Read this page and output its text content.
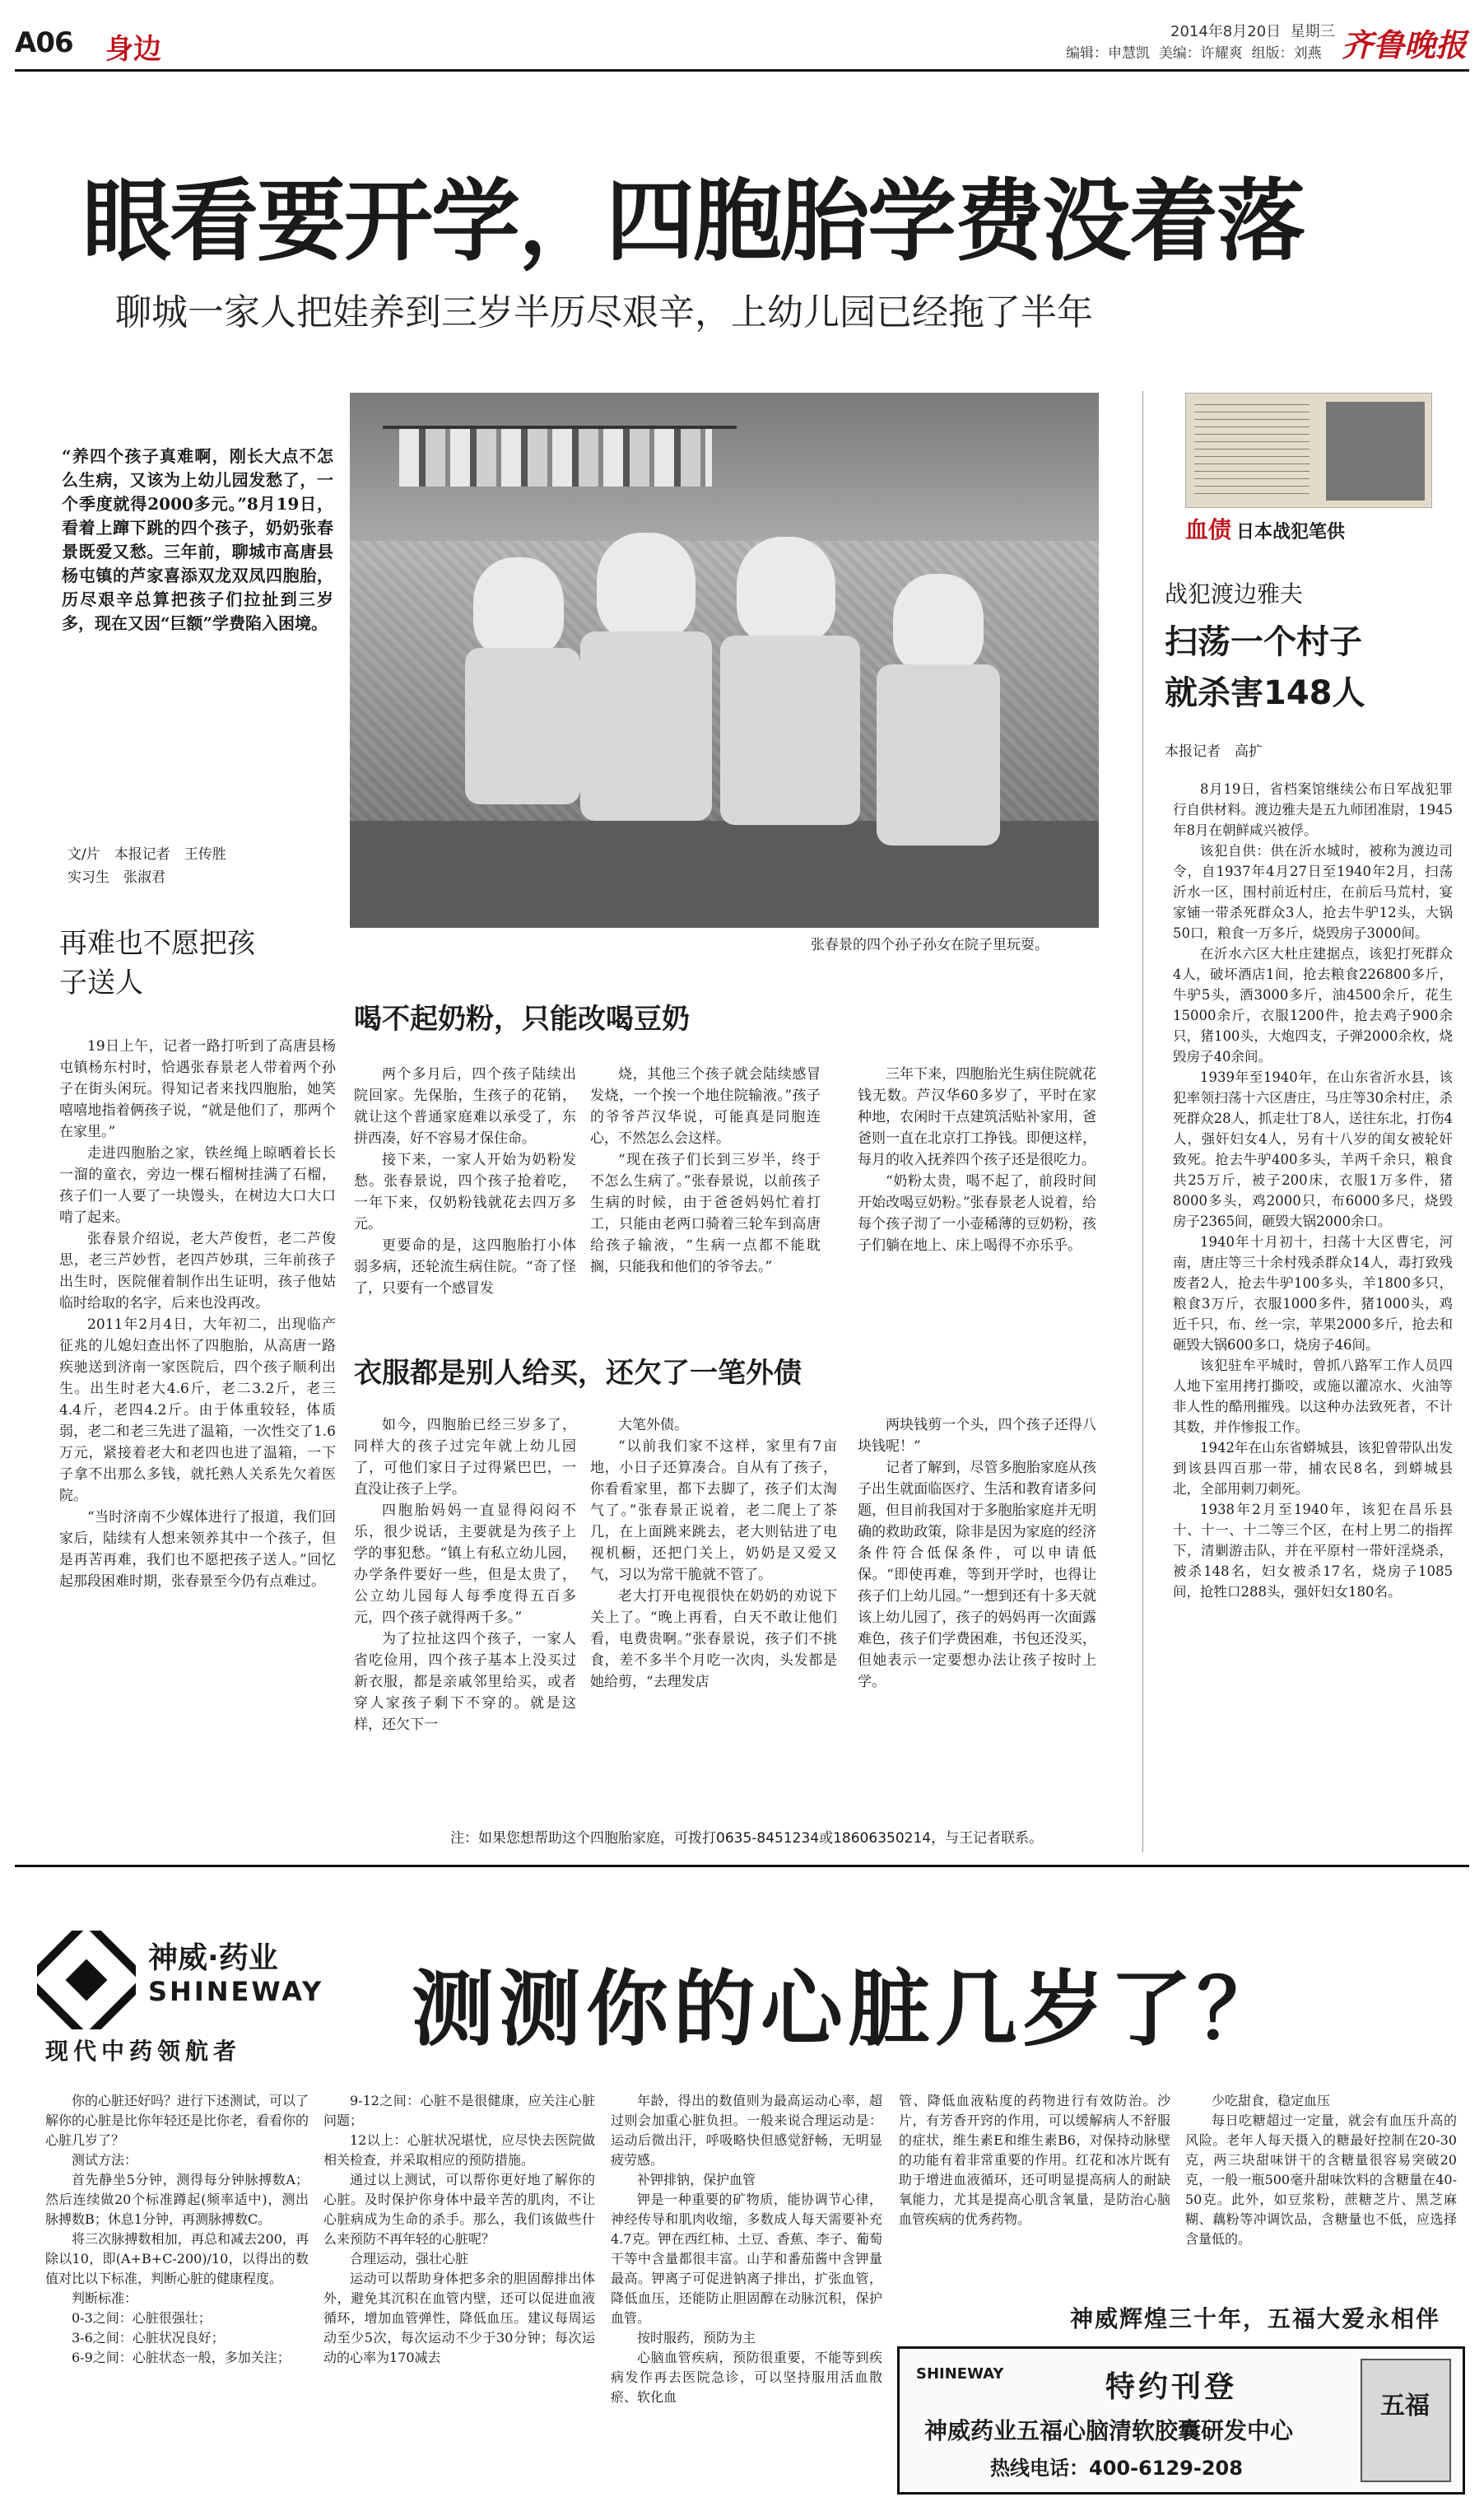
A06 身边
2014年8月20日 星期三
编辑：申慧凯 美编：许耀爽 组版：刘燕 齐鲁晚报
眼看要开学，四胞胎学费没着落
聊城一家人把娃养到三岁半历尽艰辛，上幼儿园已经拖了半年
“养四个孩子真难啊，刚长大点不怎么生病，又该为上幼儿园发愁了，一个季度就得2000多元。”8月19日，看着上蹿下跳的四个孩子，奶奶张春景既爱又愁。三年前，聊城市高唐县杨屯镇的芦家喜添双龙双凤四胞胎，历尽艰辛总算把孩子们拉扯到三岁多，现在又因“巨额”学费陷入困境。
文/片　本报记者　王传胜
实习生　张淑君
张春景的四个孙子孙女在院子里玩耍。
再难也不愿把孩子送人

19日上午，记者一路打听到了高唐县杨屯镇杨东村时，恰遇张春景老人带着两个孙子在街头闲玩。得知记者来找四胞胎，她笑嘻嘻地指着俩孩子说，“就是他们了，那两个在家里。”

走进四胞胎之家，铁丝绳上晾晒着长长一溜的童衣，旁边一棵石榴树挂满了石榴，孩子们一人要了一块馒头，在树边大口大口啃了起来。

张春景介绍说，老大芦俊哲，老二芦俊思，老三芦妙哲，老四芦妙琪，三年前孩子出生时，医院催着制作出生证明，孩子他姑临时给取的名字，后来也没再改。

2011年2月4日，大年初二，出现临产征兆的儿媳妇查出怀了四胞胎，从高唐一路疾驰送到济南一家医院后，四个孩子顺利出生。出生时老大4.6斤，老二3.2斤，老三4.4斤，老四4.2斤。由于体重较轻，体质弱，老二和老三先进了温箱，一次性交了1.6万元，紧接着老大和老四也进了温箱，一下子拿不出那么多钱，就托熟人关系先欠着医院。

“当时济南不少媒体进行了报道，我们回家后，陆续有人想来领养其中一个孩子，但是再苦再难，我们也不愿把孩子送人。”回忆起那段困难时期，张春景至今仍有点难过。

喝不起奶粉，只能改喝豆奶

两个多月后，四个孩子陆续出院回家。先保胎，生孩子的花销，就让这个普通家庭难以承受了，东拼西凑，好不容易才保住命。

接下来，一家人开始为奶粉发愁。张春景说，四个孩子抢着吃，一年下来，仅奶粉钱就花去四万多元。

更要命的是，这四胞胎打小体弱多病，还轮流生病住院。“奇了怪了，只要有一个感冒发

烧，其他三个孩子就会陆续感冒发烧，一个挨一个地住院输液。”孩子的爷爷芦汉华说，可能真是同胞连心，不然怎么会这样。

“现在孩子们长到三岁半，终于不怎么生病了。”张春景说，以前孩子生病的时候，由于爸爸妈妈忙着打工，只能由老两口骑着三轮车到高唐给孩子输液，“生病一点都不能耽搁，只能我和他们的爷爷去。”

三年下来，四胞胎光生病住院就花钱无数。芦汉华60多岁了，平时在家种地，农闲时干点建筑活贴补家用，爸爸则一直在北京打工挣钱。即便这样，每月的收入抚养四个孩子还是很吃力。

“奶粉太贵，喝不起了，前段时间开始改喝豆奶粉。”张春景老人说着，给每个孩子沏了一小壶稀薄的豆奶粉，孩子们躺在地上、床上喝得不亦乐乎。

衣服都是别人给买，还欠了一笔外债

如今，四胞胎已经三岁多了，同样大的孩子过完年就上幼儿园了，可他们家日子过得紧巴巴，一直没让孩子上学。

四胞胎妈妈一直显得闷闷不乐，很少说话，主要就是为孩子上学的事犯愁。“镇上有私立幼儿园，办学条件要好一些，但是太贵了，公立幼儿园每人每季度得五百多元，四个孩子就得两千多。”

为了拉扯这四个孩子，一家人省吃俭用，四个孩子基本上没买过新衣服，都是亲戚邻里给买，或者穿人家孩子剩下不穿的。就是这样，还欠下一

大笔外债。

“以前我们家不这样，家里有7亩地，小日子还算凑合。自从有了孩子，你看看家里，都下去脚了，孩子们太淘气了。”张春景正说着，老二爬上了茶几，在上面跳来跳去，老大则钻进了电视机橱，还把门关上，奶奶是又爱又气，习以为常干脆就不管了。

老大打开电视很快在奶奶的劝说下关上了。“晚上再看，白天不敢让他们看，电费贵啊。”张春景说，孩子们不挑食，差不多半个月吃一次肉，头发都是她给剪，“去理发店

两块钱剪一个头，四个孩子还得八块钱呢！”

记者了解到，尽管多胞胎家庭从孩子出生就面临医疗、生活和教育诸多问题，但目前我国对于多胞胎家庭并无明确的救助政策，除非是因为家庭的经济条件符合低保条件，可以申请低保。“即使再难，等到开学时，也得让孩子们上幼儿园。”一想到还有十多天就该上幼儿园了，孩子的妈妈再一次面露难色，孩子们学费困难，书包还没买，但她表示一定要想办法让孩子按时上学。

注：如果您想帮助这个四胞胎家庭，可拨打0635-8451234或18606350214，与王记者联系。
血债 日本战犯笔供
战犯渡边雅夫
扫荡一个村子
就杀害148人
本报记者　高扩

8月19日，省档案馆继续公布日军战犯罪行自供材料。渡边雅夫是五九师团准尉，1945年8月在朝鲜咸兴被俘。

该犯自供：供在沂水城时，被称为渡边司令，自1937年4月27日至1940年2月，扫荡沂水一区，围村前近村庄，在前后马荒村，宴家铺一带杀死群众3人，抢去牛驴12头，大锅50口，粮食一万多斤，烧毁房子3000间。

在沂水六区大杜庄建据点，该犯打死群众4人，破坏酒店1间，抢去粮食226800多斤，牛驴5头，酒3000多斤，油4500余斤，花生15000余斤，衣服1200件，抢去鸡子900余只，猪100头，大炮四支，子弹2000余枚，烧毁房子40余间。

1939年至1940年，在山东省沂水县，该犯率领扫荡十六区唐庄，马庄等30余村庄，杀死群众28人，抓走壮丁8人，送往东北，打伤4人，强奸妇女4人，另有十八岁的闺女被轮奸致死。抢去牛驴400多头，羊两千余只，粮食共25万斤，被子200床，衣服1万多件，猪8000多头，鸡2000只，布6000多尺，烧毁房子2365间，砸毁大锅2000余口。

1940年十月初十，扫荡十大区曹宅，河南，唐庄等三十余村残杀群众14人，毒打致残废者2人，抢去牛驴100多头，羊1800多只，粮食3万斤，衣服1000多件，猪1000头，鸡近千只，布、丝一宗，苹果2000多斤，抢去和砸毁大锅600多口，烧房子46间。

该犯驻牟平城时，曾抓八路军工作人员四人地下室用拷打撕咬，或施以灌凉水、火油等非人性的酷刑摧残。以这种办法致死者，不计其数，并作惨报工作。

1942年在山东省蟒城县，该犯曾带队出发到该县四百那一带，捕农民8名，到蟒城县北，全部用刺刀刺死。

1938年2月至1940年，该犯在昌乐县十、十一、十二等三个区，在村上男二的指挥下，清剿游击队，并在平原村一带奸淫烧杀，被杀148名，妇女被杀17名，烧房子1085间，抢牲口288头，强奸妇女180名。

神威·药业
SHINEWAY
现代中药领航者 测测你的心脏几岁了？

你的心脏还好吗？进行下述测试，可以了解你的心脏是比你年轻还是比你老，看看你的心脏几岁了？

测试方法：

首先静坐5分钟，测得每分钟脉搏数A；然后连续做20个标准蹲起(频率适中)，测出脉搏数B；休息1分钟，再测脉搏数C。

将三次脉搏数相加，再总和减去200，再除以10，即(A+B+C-200)/10，以得出的数值对比以下标准，判断心脏的健康程度。

判断标准：

0-3之间：心脏很强壮；

3-6之间：心脏状况良好；

6-9之间：心脏状态一般，多加关注；

9-12之间：心脏不是很健康，应关注心脏问题；

12以上：心脏状况堪忧，应尽快去医院做相关检查，并采取相应的预防措施。

通过以上测试，可以帮你更好地了解你的心脏。及时保护你身体中最辛苦的肌肉，不让心脏病成为生命的杀手。那么，我们该做些什么来预防不再年轻的心脏呢？

合理运动，强壮心脏

运动可以帮助身体把多余的胆固醇排出体外，避免其沉积在血管内壁，还可以促进血液循环，增加血管弹性，降低血压。建议每周运动至少5次，每次运动不少于30分钟；每次运动的心率为170减去

年龄，得出的数值则为最高运动心率，超过则会加重心脏负担。一般来说合理运动是：运动后微出汗，呼吸略快但感觉舒畅，无明显疲劳感。

补钾排钠，保护血管

钾是一种重要的矿物质，能协调节心律，神经传导和肌肉收缩，多数成人每天需要补充4.7克。钾在西红柿、土豆、香蕉、李子、葡萄干等中含量都很丰富。山芋和番茄酱中含钾量最高。钾离子可促进钠离子排出，扩张血管，降低血压，还能防止胆固醇在动脉沉积，保护血管。

按时服药，预防为主

心脑血管疾病，预防很重要，不能等到疾病发作再去医院急诊，可以坚持服用活血散瘀、软化血

管、降低血液粘度的药物进行有效防治。沙片，有芳香开窍的作用，可以缓解病人不舒服的症状，维生素E和维生素B6，对保持动脉壁的功能有着非常重要的作用。红花和冰片既有助于增进血液循环，还可明显提高病人的耐缺氧能力，尤其是提高心肌含氧量，是防治心脑血管疾病的优秀药物。

少吃甜食，稳定血压

每日吃糖超过一定量，就会有血压升高的风险。老年人每天摄入的糖最好控制在20-30克，两三块甜味饼干的含糖量很容易突破20克，一般一瓶500毫升甜味饮料的含糖量在40-50克。此外，如豆浆粉，蔗糖芝片、黑芝麻糊、藕粉等冲调饮品，含糖量也不低，应选择含量低的。

神威辉煌三十年，五福大爱永相伴
SHINEWAY	特约刊登
神威药业五福心脑清软胶囊研发中心
热线电话：400-6129-208
五福
